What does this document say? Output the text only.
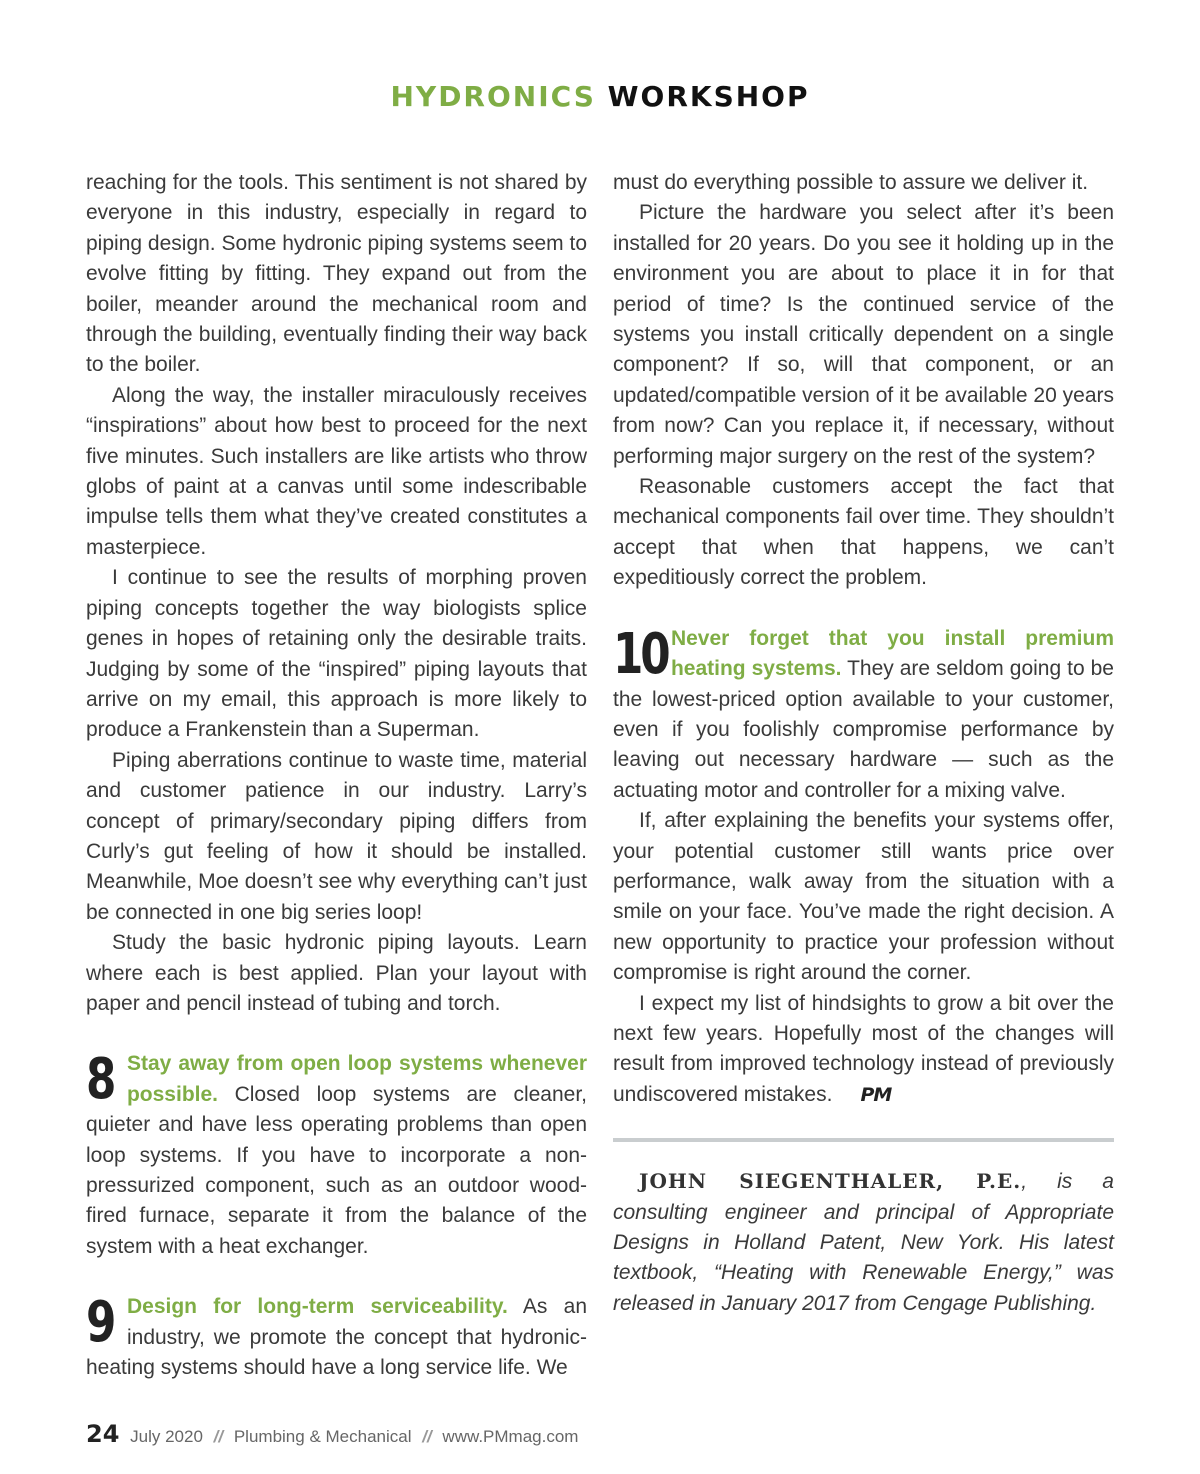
HYDRONICS WORKSHOP

reaching for the tools. This sentiment is not shared by everyone in this industry, especially in regard to piping design. Some hydronic piping systems seem to evolve fitting by fitting. They expand out from the boiler, meander around the mechanical room and through the building, eventually finding their way back to the boiler.

Along the way, the installer miraculously receives “inspirations” about how best to proceed for the next five minutes. Such installers are like artists who throw globs of paint at a canvas until some indescribable impulse tells them what they’ve created constitutes a masterpiece.

I continue to see the results of morphing proven piping concepts together the way biologists splice genes in hopes of retaining only the desirable traits. Judging by some of the “inspired” piping layouts that arrive on my email, this approach is more likely to produce a Frankenstein than a Superman.

Piping aberrations continue to waste time, material and customer patience in our industry. Larry’s concept of primary/secondary piping differs from Curly’s gut feeling of how it should be installed. Meanwhile, Moe doesn’t see why everything can’t just be connected in one big series loop!

Study the basic hydronic piping layouts. Learn where each is best applied. Plan your layout with paper and pencil instead of tubing and torch.

8 Stay away from open loop systems whenever possible. Closed loop systems are cleaner, quieter and have less operating problems than open loop systems. If you have to incorporate a non-pressurized component, such as an outdoor wood-fired furnace, separate it from the balance of the system with a heat exchanger.

9 Design for long-term serviceability. As an industry, we promote the concept that hydronic-heating systems should have a long service life. We

must do everything possible to assure we deliver it.

Picture the hardware you select after it’s been installed for 20 years. Do you see it holding up in the environment you are about to place it in for that period of time? Is the continued service of the systems you install critically dependent on a single component? If so, will that component, or an updated/compatible version of it be available 20 years from now? Can you replace it, if necessary, without performing major surgery on the rest of the system?

Reasonable customers accept the fact that mechanical components fail over time. They shouldn’t accept that when that happens, we can’t expeditiously correct the problem.

10 Never forget that you install premium heating systems. They are seldom going to be the lowest-priced option available to your customer, even if you foolishly compromise performance by leaving out necessary hardware — such as the actuating motor and controller for a mixing valve.

If, after explaining the benefits your systems offer, your potential customer still wants price over performance, walk away from the situation with a smile on your face. You’ve made the right decision. A new opportunity to practice your profession without compromise is right around the corner.

I expect my list of hindsights to grow a bit over the next few years. Hopefully most of the changes will result from improved technology instead of previously undiscovered mistakes. PM

JOHN SIEGENTHALER, P.E., is a consulting engineer and principal of Appropriate Designs in Holland Patent, New York. His latest textbook, “Heating with Renewable Energy,” was released in January 2017 from Cengage Publishing.
24 July 2020 // Plumbing & Mechanical // www.PMmag.com
